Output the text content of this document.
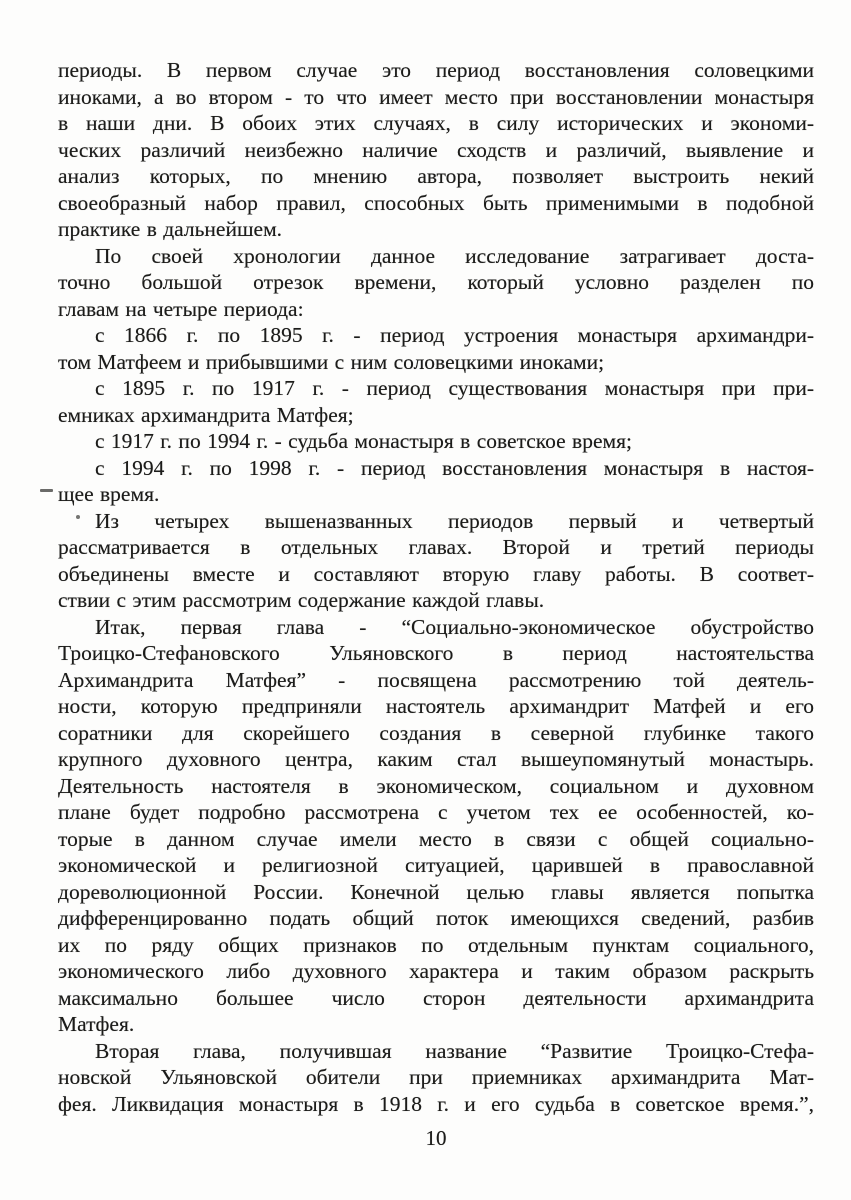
периоды. В первом случае это период восстановления соловецкими
иноками, а во втором - то что имеет место при восстановлении монастыря
в наши дни. В обоих этих случаях, в силу исторических и экономи-
ческих различий неизбежно наличие сходств и различий, выявление и
анализ которых, по мнению автора, позволяет выстроить некий
своеобразный набор правил, способных быть применимыми в подобной
практике в дальнейшем.
По своей хронологии данное исследование затрагивает доста-
точно большой отрезок времени, который условно разделен по
главам на четыре периода:
с 1866 г. по 1895 г. - период устроения монастыря архимандри-
том Матфеем и прибывшими с ним соловецкими иноками;
с 1895 г. по 1917 г. - период существования монастыря при при-
емниках архимандрита Матфея;
с 1917 г. по 1994 г. - судьба монастыря в советское время;
с 1994 г. по 1998 г. - период восстановления монастыря в настоя-
щее время.
Из четырех вышеназванных периодов первый и четвертый
рассматривается в отдельных главах. Второй и третий периоды
объединены вместе и составляют вторую главу работы. В соответ-
ствии с этим рассмотрим содержание каждой главы.
Итак, первая глава - “Социально-экономическое обустройство
Троицко-Стефановского Ульяновского в период настоятельства
Архимандрита Матфея” - посвящена рассмотрению той деятель-
ности, которую предприняли настоятель архимандрит Матфей и его
соратники для скорейшего создания в северной глубинке такого
крупного духовного центра, каким стал вышеупомянутый монастырь.
Деятельность настоятеля в экономическом, социальном и духовном
плане будет подробно рассмотрена с учетом тех ее особенностей, ко-
торые в данном случае имели место в связи с общей социально-
экономической и религиозной ситуацией, царившей в православной
дореволюционной России. Конечной целью главы является попытка
дифференцированно подать общий поток имеющихся сведений, разбив
их по ряду общих признаков по отдельным пунктам социального,
экономического либо духовного характера и таким образом раскрыть
максимально большее число сторон деятельности архимандрита
Матфея.
Вторая глава, получившая название “Развитие Троицко-Стефа-
новской Ульяновской обители при приемниках архимандрита Мат-
фея. Ликвидация монастыря в 1918 г. и его судьба в советское время.”,
10
